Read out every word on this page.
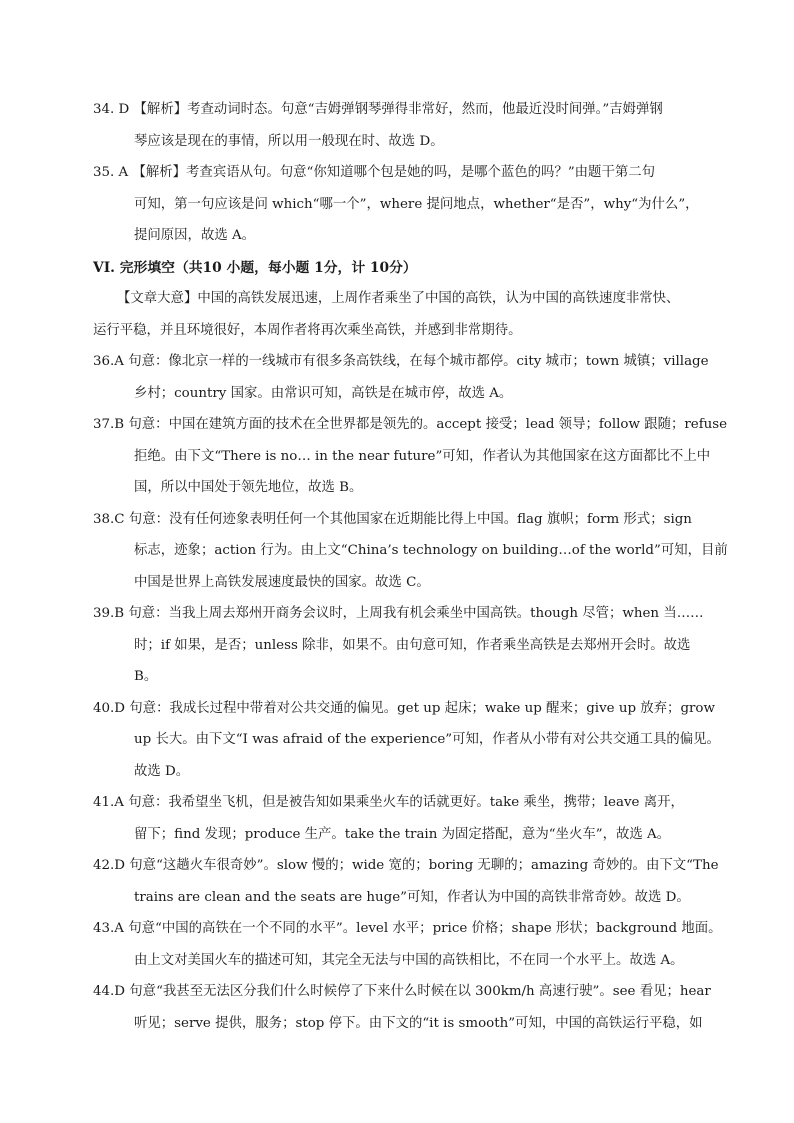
34. D 【解析】考查动词时态。句意“吉姆弹钢琴弹得非常好，然而，他最近没时间弹。”吉姆弹钢
琴应该是现在的事情，所以用一般现在时、故选 D。
35. A 【解析】考查宾语从句。句意“你知道哪个包是她的吗，是哪个蓝色的吗？”由题干第二句
可知，第一句应该是问 which“哪一个”，where 提问地点，whether“是否”，why“为什么”，
提问原因，故选 A。
VI. 完形填空（共10 小题，每小题 1分，计 10分）
【文章大意】中国的高铁发展迅速，上周作者乘坐了中国的高铁，认为中国的高铁速度非常快、
运行平稳，并且环境很好，本周作者将再次乘坐高铁，并感到非常期待。
36.A 句意：像北京一样的一线城市有很多条高铁线，在每个城市都停。city 城市；town 城镇；village
乡村；country 国家。由常识可知，高铁是在城市停，故选 A。
37.B 句意：中国在建筑方面的技术在全世界都是领先的。accept 接受；lead 领导；follow 跟随；refuse
拒绝。由下文“There is no… in the near future”可知，作者认为其他国家在这方面都比不上中
国，所以中国处于领先地位，故选 B。
38.C 句意：没有任何迹象表明任何一个其他国家在近期能比得上中国。flag 旗帜；form 形式；sign
标志，迹象；action 行为。由上文“China’s technology on building…of the world”可知，目前
中国是世界上高铁发展速度最快的国家。故选 C。
39.B 句意：当我上周去郑州开商务会议时，上周我有机会乘坐中国高铁。though 尽管；when 当……
时；if 如果，是否；unless 除非，如果不。由句意可知，作者乘坐高铁是去郑州开会时。故选
B。
40.D 句意：我成长过程中带着对公共交通的偏见。get up 起床；wake up 醒来；give up 放弃；grow
up 长大。由下文“I was afraid of the experience”可知，作者从小带有对公共交通工具的偏见。
故选 D。
41.A 句意：我希望坐飞机，但是被告知如果乘坐火车的话就更好。take 乘坐，携带；leave 离开，
留下；find 发现；produce 生产。take the train 为固定搭配，意为“坐火车”，故选 A。
42.D 句意“这趟火车很奇妙”。slow 慢的；wide 宽的；boring 无聊的；amazing 奇妙的。由下文“The
trains are clean and the seats are huge”可知，作者认为中国的高铁非常奇妙。故选 D。
43.A 句意“中国的高铁在一个不同的水平”。level 水平；price 价格；shape 形状；background 地面。
由上文对美国火车的描述可知，其完全无法与中国的高铁相比，不在同一个水平上。故选 A。
44.D 句意“我甚至无法区分我们什么时候停了下来什么时候在以 300km/h 高速行驶”。see 看见；hear
听见；serve 提供，服务；stop 停下。由下文的“it is smooth”可知，中国的高铁运行平稳，如
